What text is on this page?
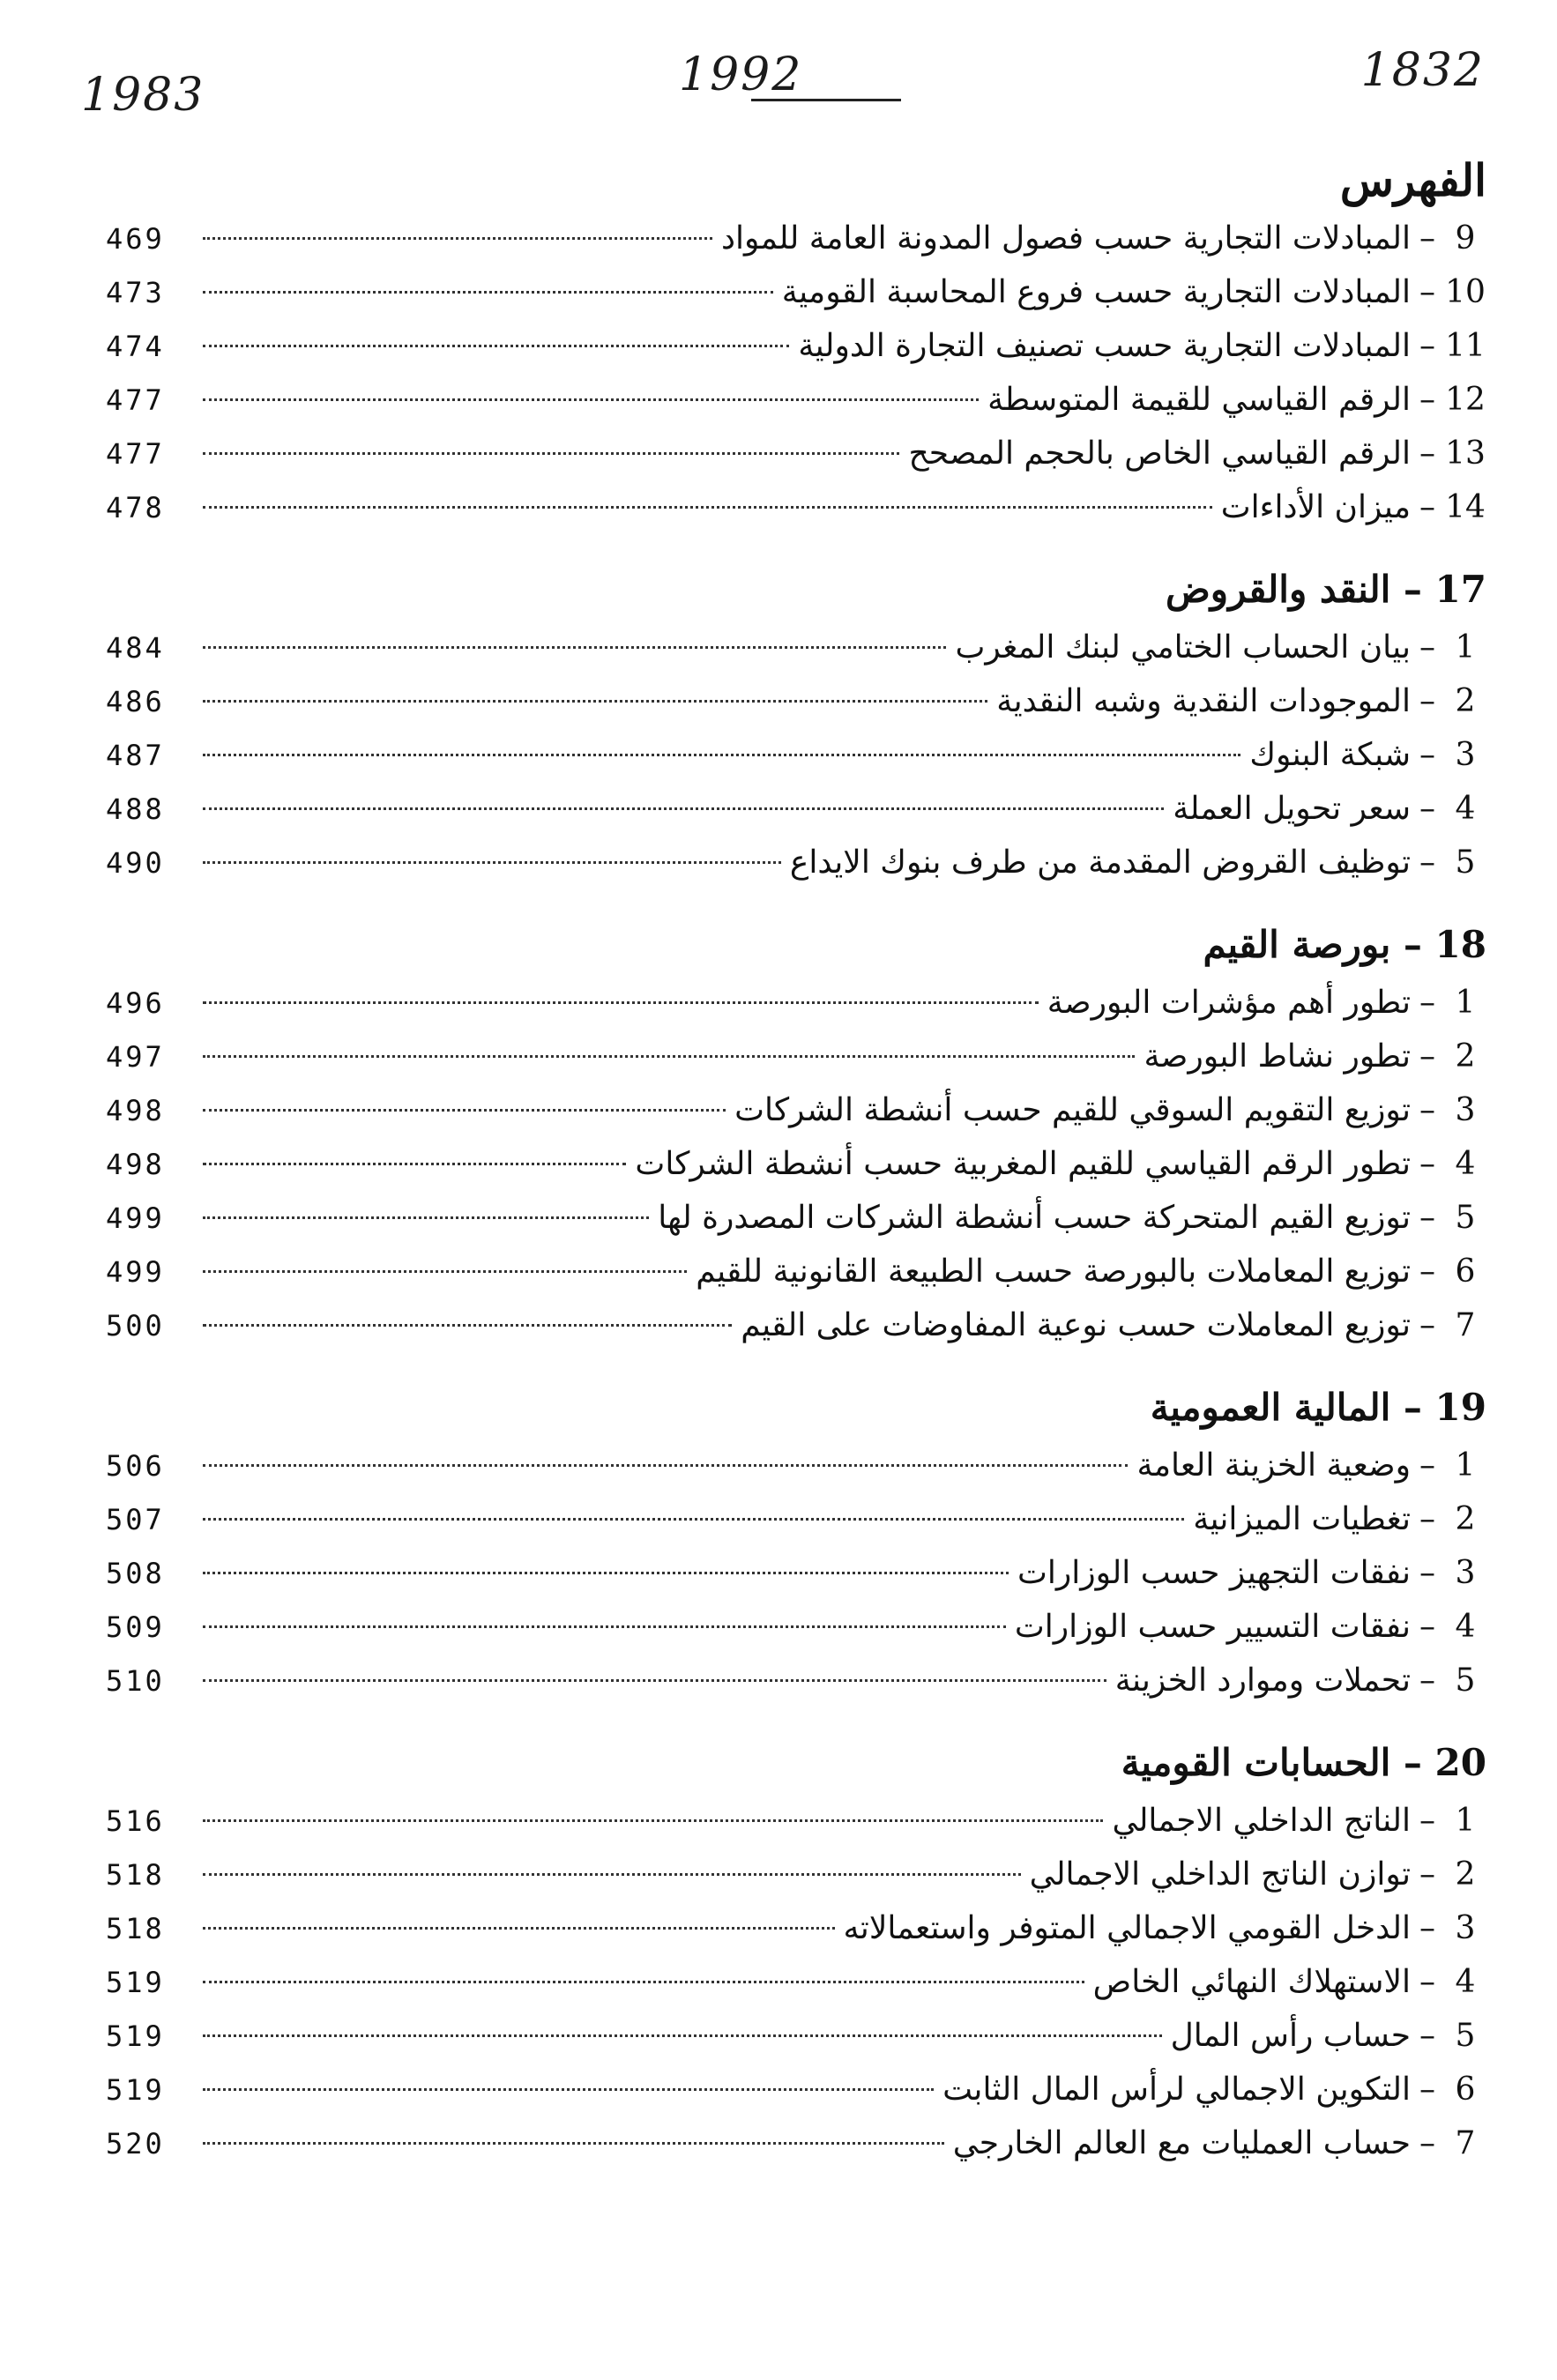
1983	1992	1832
الفهرس
9
–
المبادلات التجارية حسب فصول المدونة العامة للمواد
469
10
–
المبادلات التجارية حسب فروع المحاسبة القومية
473
11
–
المبادلات التجارية حسب تصنيف التجارة الدولية
474
12
–
الرقم القياسي للقيمة المتوسطة
477
13
–
الرقم القياسي الخاص بالحجم المصحح
477
14
–
ميزان الأداءات
478
17 – النقد والقروض
1
–
بيان الحساب الختامي لبنك المغرب
484
2
–
الموجودات النقدية وشبه النقدية
486
3
–
شبكة البنوك
487
4
–
سعر تحويل العملة
488
5
–
توظيف القروض المقدمة من طرف بنوك الايداع
490
18 – بورصة القيم
1
–
تطور أهم مؤشرات البورصة
496
2
–
تطور نشاط البورصة
497
3
–
توزيع التقويم السوقي للقيم حسب أنشطة الشركات
498
4
–
تطور الرقم القياسي للقيم المغربية حسب أنشطة الشركات
498
5
–
توزيع القيم المتحركة حسب أنشطة الشركات المصدرة لها
499
6
–
توزيع المعاملات بالبورصة حسب الطبيعة القانونية للقيم
499
7
–
توزيع المعاملات حسب نوعية المفاوضات على القيم
500
19 – المالية العمومية
1
–
وضعية الخزينة العامة
506
2
–
تغطيات الميزانية
507
3
–
نفقات التجهيز حسب الوزارات
508
4
–
نفقات التسيير حسب الوزارات
509
5
–
تحملات وموارد الخزينة
510
20 – الحسابات القومية
1
–
الناتج الداخلي الاجمالي
516
2
–
توازن الناتج الداخلي الاجمالي
518
3
–
الدخل القومي الاجمالي المتوفر واستعمالاته
518
4
–
الاستهلاك النهائي الخاص
519
5
–
حساب رأس المال
519
6
–
التكوين الاجمالي لرأس المال الثابت
519
7
–
حساب العمليات مع العالم الخارجي
520
